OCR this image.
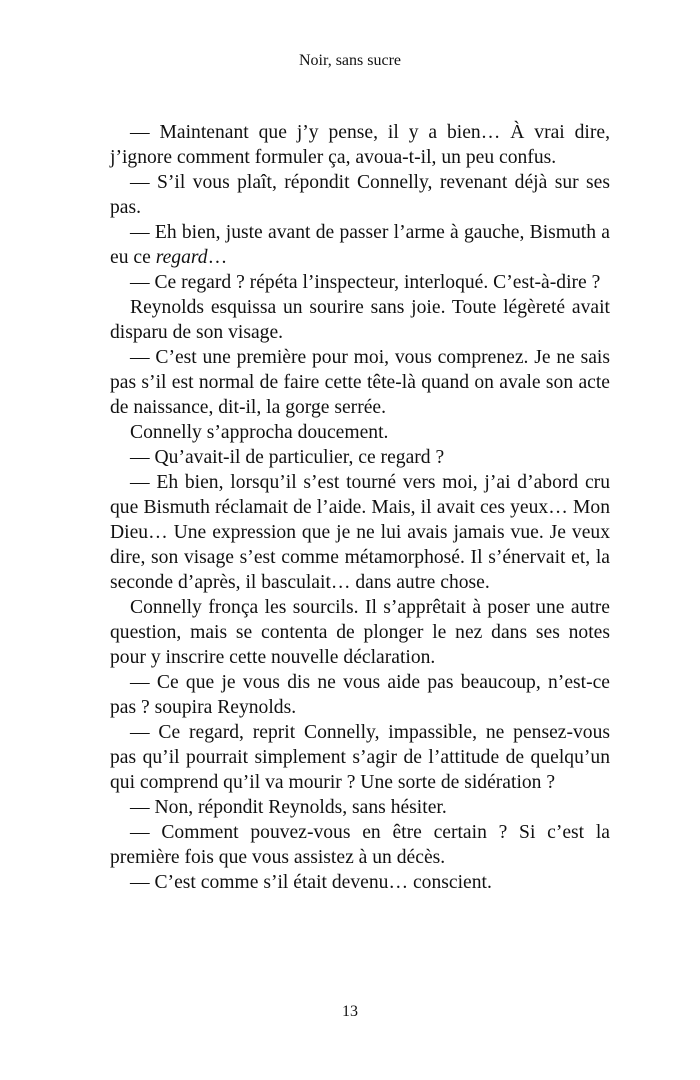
Noir, sans sucre

— Maintenant que j’y pense, il y a bien… À vrai dire, j’ignore comment formuler ça, avoua-t-il, un peu confus.

— S’il vous plaît, répondit Connelly, revenant déjà sur ses pas.

— Eh bien, juste avant de passer l’arme à gauche, Bismuth a eu ce regard…

— Ce regard ? répéta l’inspecteur, interloqué. C’est-à-dire ?

Reynolds esquissa un sourire sans joie. Toute légèreté avait disparu de son visage.

— C’est une première pour moi, vous comprenez. Je ne sais pas s’il est normal de faire cette tête-là quand on avale son acte de naissance, dit-il, la gorge serrée.

Connelly s’approcha doucement.

— Qu’avait-il de particulier, ce regard ?

— Eh bien, lorsqu’il s’est tourné vers moi, j’ai d’abord cru que Bismuth réclamait de l’aide. Mais, il avait ces yeux… Mon Dieu… Une expression que je ne lui avais jamais vue. Je veux dire, son visage s’est comme métamorphosé. Il s’énervait et, la seconde d’après, il basculait… dans autre chose.

Connelly fronça les sourcils. Il s’apprêtait à poser une autre question, mais se contenta de plonger le nez dans ses notes pour y inscrire cette nouvelle déclaration.

— Ce que je vous dis ne vous aide pas beaucoup, n’est-ce pas ? soupira Reynolds.

— Ce regard, reprit Connelly, impassible, ne pensez-vous pas qu’il pourrait simplement s’agir de l’attitude de quelqu’un qui comprend qu’il va mourir ? Une sorte de sidération ?

— Non, répondit Reynolds, sans hésiter.

— Comment pouvez-vous en être certain ? Si c’est la première fois que vous assistez à un décès.

— C’est comme s’il était devenu… conscient.

13
